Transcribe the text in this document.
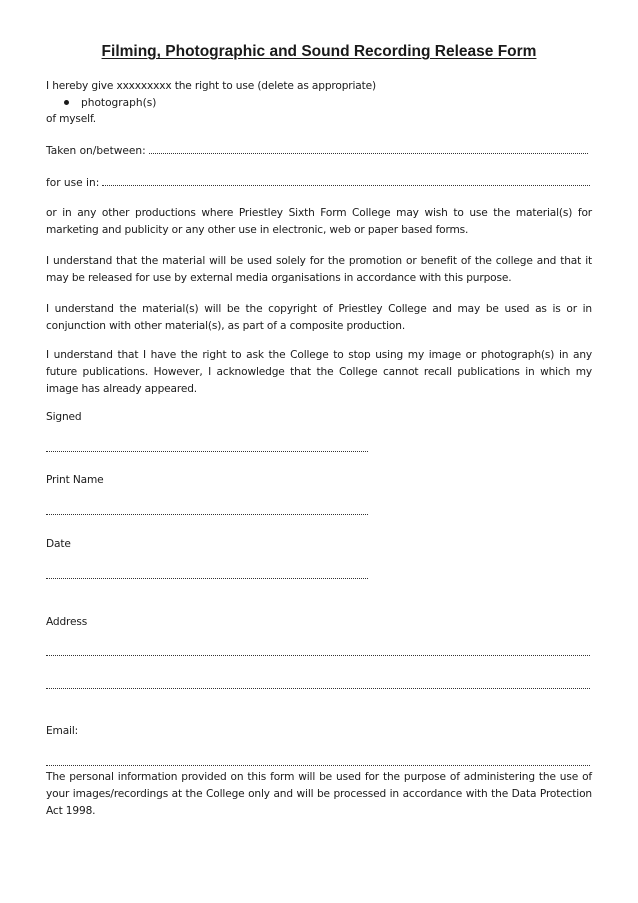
Filming, Photographic and Sound Recording Release Form
I hereby give xxxxxxxxx the right to use (delete as appropriate)
photograph(s)
of myself.
Taken on/between:
for use in:
or in any other productions where Priestley Sixth Form College may wish to use the material(s) for marketing and publicity or any other use in electronic, web or paper based forms.
I understand that the material will be used solely for the promotion or benefit of the college and that it may be released for use by external media organisations in accordance with this purpose.
I understand the material(s) will be the copyright of Priestley College and may be used as is or in conjunction with other material(s), as part of a composite production.
I understand that I have the right to ask the College to stop using my image or photograph(s) in any future publications. However, I acknowledge that the College cannot recall publications in which my image has already appeared.
Signed
Print Name
Date
Address
Email:
The personal information provided on this form will be used for the purpose of administering the use of your images/recordings at the College only and will be processed in accordance with the Data Protection Act 1998.
